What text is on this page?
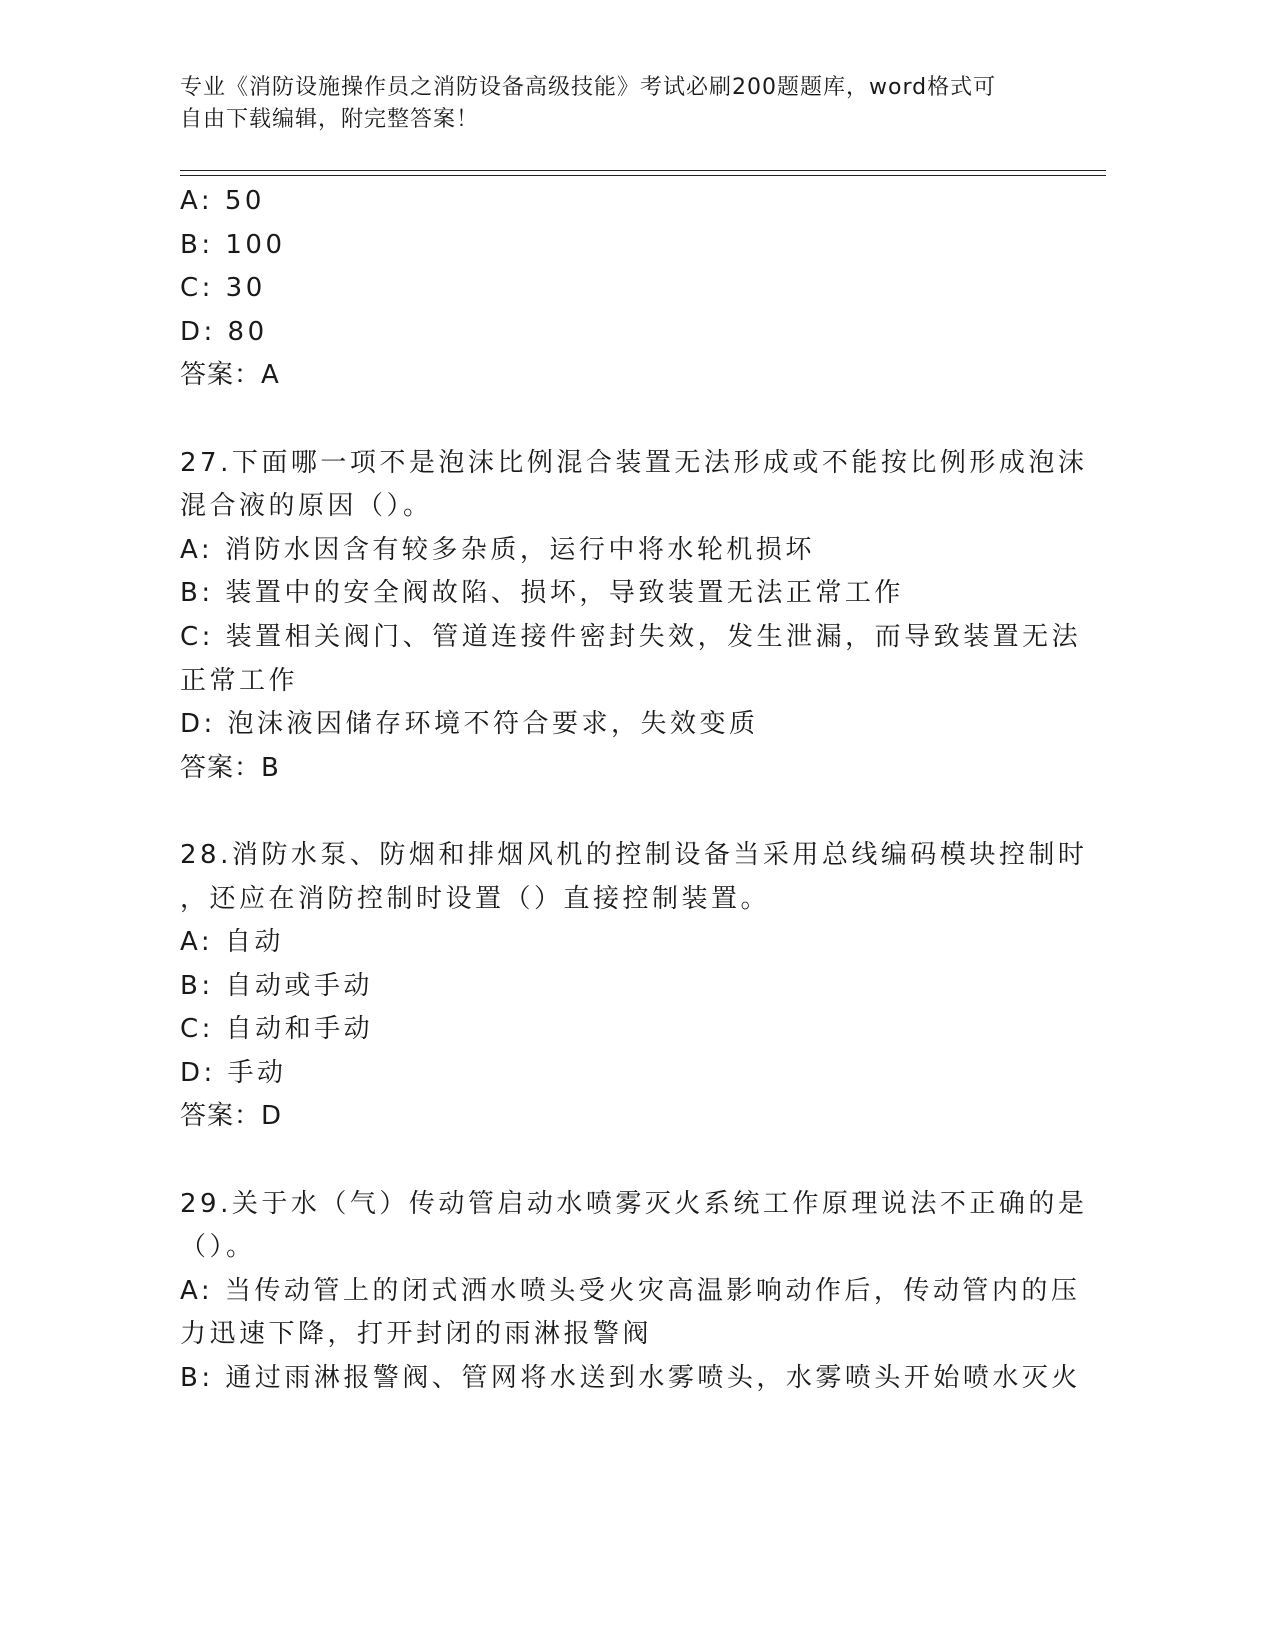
专业《消防设施操作员之消防设备高级技能》考试必刷200题题库，word格式可
自由下载编辑，附完整答案！
A: 50
B: 100
C: 30
D: 80
答案：A
27.下面哪一项不是泡沫比例混合装置无法形成或不能按比例形成泡沫
混合液的原因（）。
A: 消防水因含有较多杂质，运行中将水轮机损坏
B: 装置中的安全阀故陷、损坏，导致装置无法正常工作
C: 装置相关阀门、管道连接件密封失效，发生泄漏，而导致装置无法
正常工作
D: 泡沫液因储存环境不符合要求，失效变质
答案：B
28.消防水泵、防烟和排烟风机的控制设备当采用总线编码模块控制时
，还应在消防控制时设置（）直接控制装置。
A: 自动
B: 自动或手动
C: 自动和手动
D: 手动
答案：D
29.关于水（气）传动管启动水喷雾灭火系统工作原理说法不正确的是
（）。
A: 当传动管上的闭式洒水喷头受火灾高温影响动作后，传动管内的压
力迅速下降，打开封闭的雨淋报警阀
B: 通过雨淋报警阀、管网将水送到水雾喷头，水雾喷头开始喷水灭火
